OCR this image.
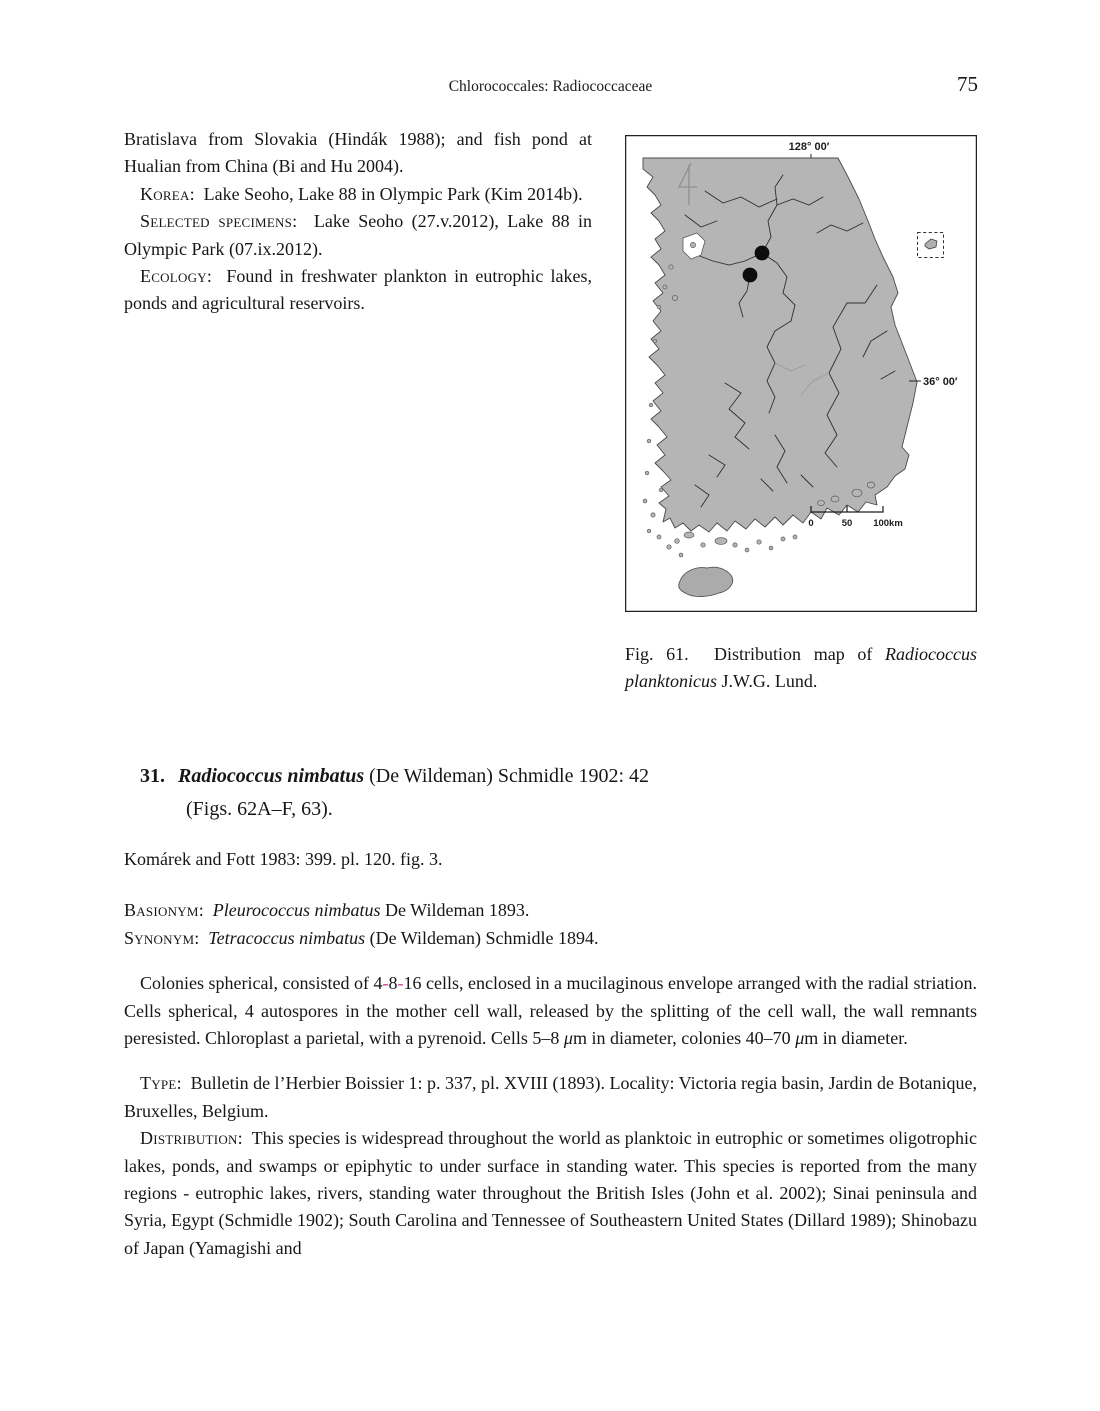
Chlorococcales: Radiococcaceae	75

Bratislava from Slovakia (Hindák 1988); and fish pond at Hualian from China (Bi and Hu 2004).

Korea:  Lake Seoho, Lake 88 in Olympic Park (Kim 2014b).

Selected specimens:  Lake Seoho (27.v.2012), Lake 88 in Olympic Park (07.ix.2012).

Ecology:  Found in freshwater plankton in eutrophic lakes, ponds and agricultural reservoirs.

128° 00′
36° 00′
0	50 100km
Fig. 61.  Distribution map of Radiococcus planktonicus J.W.G. Lund.
31. Radiococcus nimbatus (De Wildeman) Schmidle 1902: 42
(Figs. 62A–F, 63).

Komárek and Fott 1983: 399. pl. 120. fig. 3.

Basionym:  Pleurococcus nimbatus De Wildeman 1893.

Synonym:  Tetracoccus nimbatus (De Wildeman) Schmidle 1894.

Colonies spherical, consisted of 4-8-16 cells, enclosed in a mucilaginous envelope arranged with the radial striation. Cells spherical, 4 autospores in the mother cell wall, released by the splitting of the cell wall, the wall remnants peresisted. Chloroplast a parietal, with a pyrenoid. Cells 5–8 μm in diameter, colonies 40–70 μm in diameter.

Type:  Bulletin de l’Herbier Boissier 1: p. 337, pl. XVIII (1893). Locality: Victoria regia basin, Jardin de Botanique, Bruxelles, Belgium.

Distribution:  This species is widespread throughout the world as planktoic in eutrophic or sometimes oligotrophic lakes, ponds, and swamps or epiphytic to under surface in standing water. This species is reported from the many regions - eutrophic lakes, rivers, standing water throughout the British Isles (John et al. 2002); Sinai peninsula and Syria, Egypt (Schmidle 1902); South Carolina and Tennessee of Southeastern United States (Dillard 1989); Shinobazu of Japan (Yamagishi and
